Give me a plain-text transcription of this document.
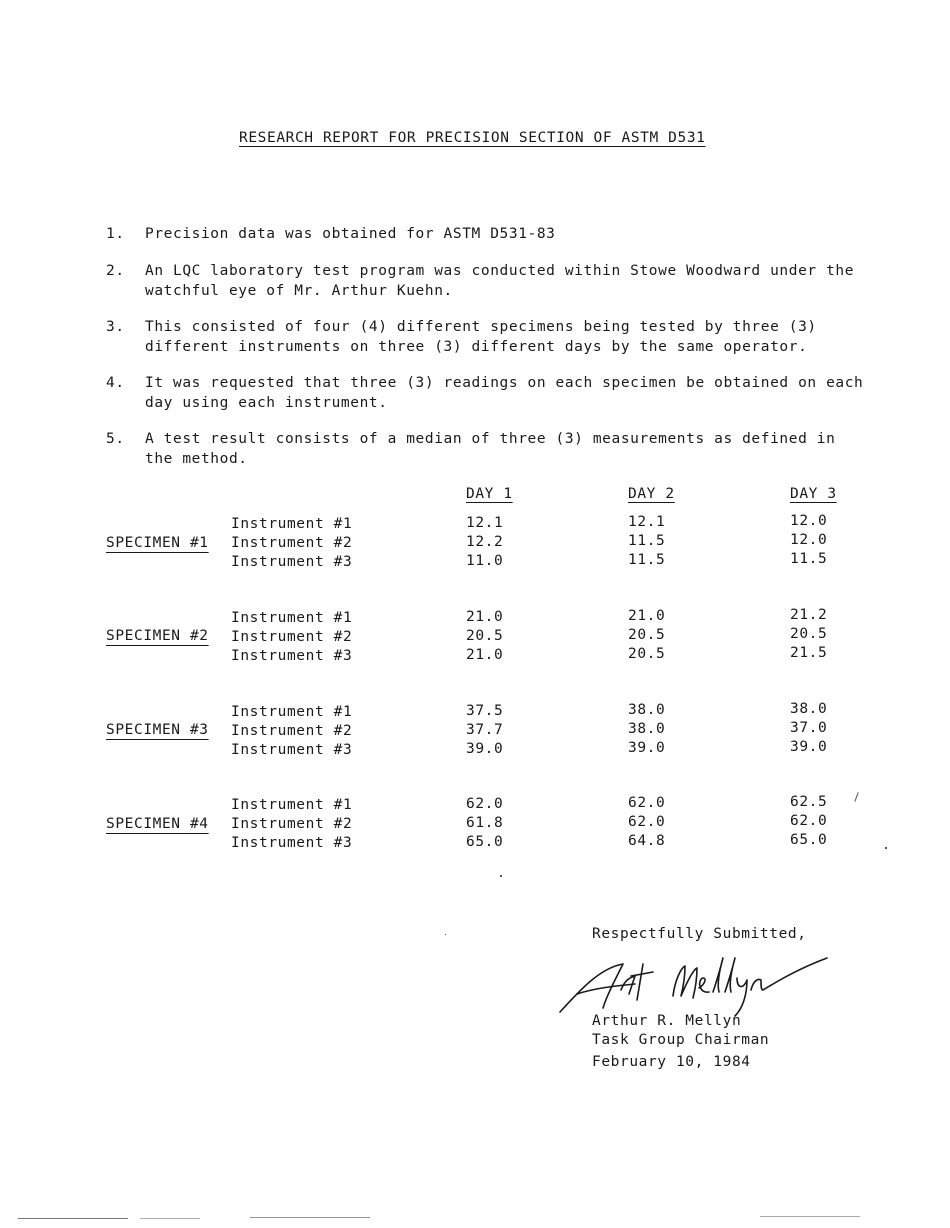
RESEARCH REPORT FOR PRECISION SECTION OF ASTM D531
1. Precision data was obtained for ASTM D531-83
2. An LQC laboratory test program was conducted within Stowe Woodward under the watchful eye of Mr. Arthur Kuehn.
3. This consisted of four (4) different specimens being tested by three (3) different instruments on three (3) different days by the same operator.
4. It was requested that three (3) readings on each specimen be obtained on each day using each instrument.
5. A test result consists of a median of three (3) measurements as defined in the method.
DAY 1	DAY 2	DAY 3
SPECIMEN #1
Instrument #1
Instrument #2
Instrument #3
12.1
12.2
11.0
12.1
11.5
11.5
12.0
12.0
11.5
SPECIMEN #2
Instrument #1
Instrument #2
Instrument #3
21.0
20.5
21.0
21.0
20.5
20.5
21.2
20.5
21.5
SPECIMEN #3
Instrument #1
Instrument #2
Instrument #3
37.5
37.7
39.0
38.0
38.0
39.0
38.0
37.0
39.0
SPECIMEN #4
Instrument #1
Instrument #2
Instrument #3
62.0
61.8
65.0
62.0
62.0
64.8
62.5
62.0
65.0
Respectfully Submitted,
Art Mellyn Arthur R. Mellyn
Task Group Chairman
February 10, 1984
